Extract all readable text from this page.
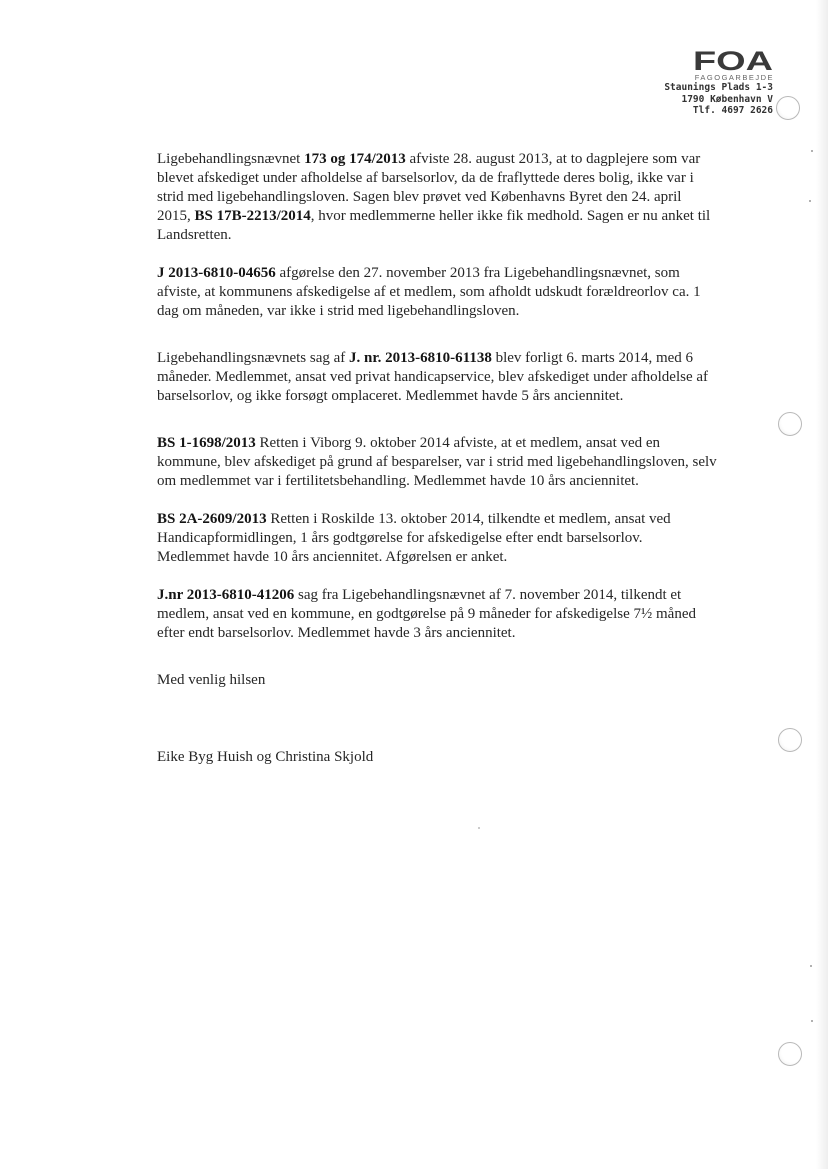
FOA
FAGOGARBEJDE
Staunings Plads 1-3
1790 København V
Tlf. 4697 2626

Ligebehandlingsnævnet 173 og 174/2013 afviste 28. august 2013, at to dagplejere som var blevet afskediget under afholdelse af barselsorlov, da de fraflyttede deres bolig, ikke var i strid med ligebehandlingsloven. Sagen blev prøvet ved Københavns Byret den 24. april 2015, BS 17B-2213/2014, hvor medlemmerne heller ikke fik medhold. Sagen er nu anket til Landsretten.

J 2013-6810-04656 afgørelse den 27. november 2013 fra Ligebehandlingsnævnet, som afviste, at kommunens afskedigelse af et medlem, som afholdt udskudt forældreorlov ca. 1 dag om måneden, var ikke i strid med ligebehandlingsloven.

Ligebehandlingsnævnets sag af J. nr. 2013-6810-61138 blev forligt 6. marts 2014, med 6 måneder. Medlemmet, ansat ved privat handicapservice, blev afskediget under afholdelse af barselsorlov, og ikke forsøgt omplaceret. Medlemmet havde 5 års anciennitet.

BS 1-1698/2013 Retten i Viborg 9. oktober 2014 afviste, at et medlem, ansat ved en kommune, blev afskediget på grund af besparelser, var i strid med ligebehandlingsloven, selv om medlemmet var i fertilitetsbehandling. Medlemmet havde 10 års anciennitet.

BS 2A-2609/2013 Retten i Roskilde 13. oktober 2014, tilkendte et medlem, ansat ved Handicapformidlingen, 1 års godtgørelse for afskedigelse efter endt barselsorlov. Medlemmet havde 10 års anciennitet. Afgørelsen er anket.

J.nr 2013-6810-41206 sag fra Ligebehandlingsnævnet af 7. november 2014, tilkendt et medlem, ansat ved en kommune, en godtgørelse på 9 måneder for afskedigelse 7½ måned efter endt barselsorlov. Medlemmet havde 3 års anciennitet.

Med venlig hilsen

Eike Byg Huish og Christina Skjold
